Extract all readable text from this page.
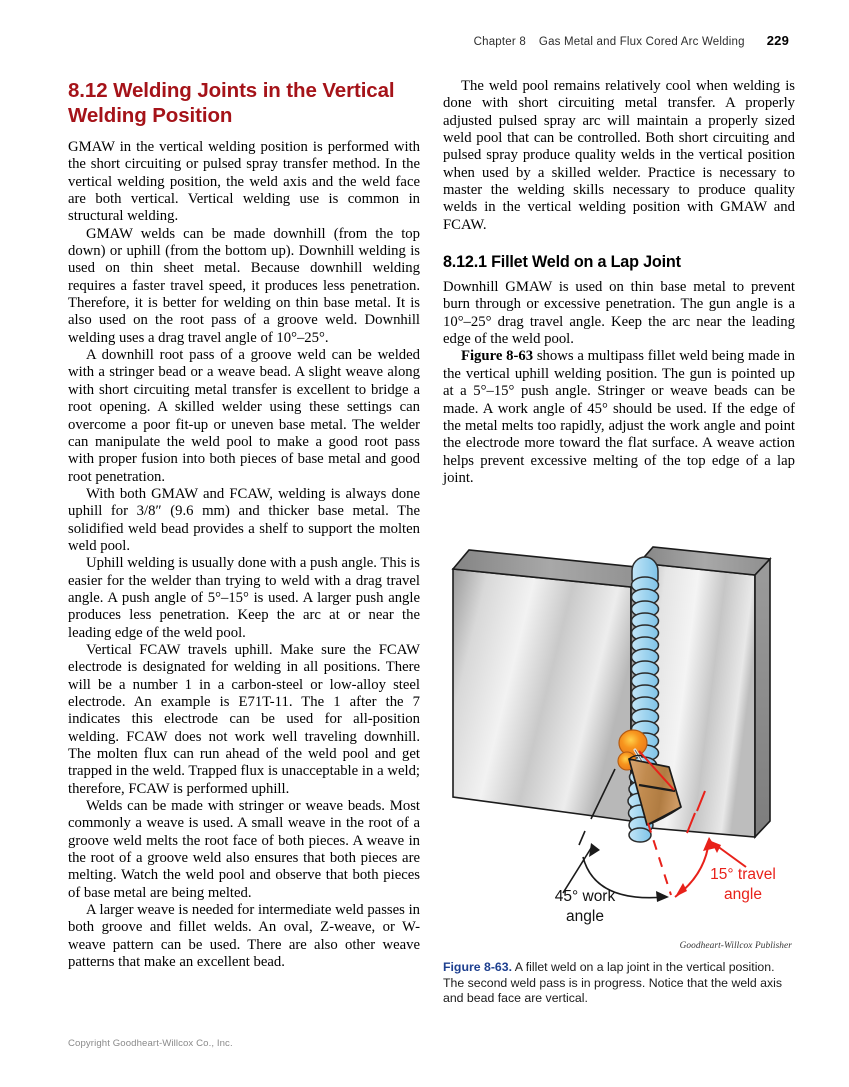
Chapter 8 Gas Metal and Flux Cored Arc Welding 229
8.12 Welding Joints in the Vertical Welding Position

GMAW in the vertical welding position is performed with the short circuiting or pulsed spray transfer method. In the vertical welding position, the weld axis and the weld face are both vertical. Vertical welding use is common in structural welding.

GMAW welds can be made downhill (from the top down) or uphill (from the bottom up). Downhill welding is used on thin sheet metal. Because downhill welding requires a faster travel speed, it produces less penetration. Therefore, it is better for welding on thin base metal. It is also used on the root pass of a groove weld. Downhill welding uses a drag travel angle of 10°–25°.

A downhill root pass of a groove weld can be welded with a stringer bead or a weave bead. A slight weave along with short circuiting metal transfer is excellent to bridge a root opening. A skilled welder using these settings can overcome a poor fit-up or uneven base metal. The welder can manipulate the weld pool to make a good root pass with proper fusion into both pieces of base metal and good root penetration.

With both GMAW and FCAW, welding is always done uphill for 3/8″ (9.6 mm) and thicker base metal. The solidified weld bead provides a shelf to support the molten weld pool.

Uphill welding is usually done with a push angle. This is easier for the welder than trying to weld with a drag travel angle. A push angle of 5°–15° is used. A larger push angle produces less penetration. Keep the arc at or near the leading edge of the weld pool.

Vertical FCAW travels uphill. Make sure the FCAW electrode is designated for welding in all positions. There will be a number 1 in a carbon-steel or low-alloy steel electrode. An example is E71T-11. The 1 after the 7 indicates this electrode can be used for all-position welding. FCAW does not work well traveling downhill. The molten flux can run ahead of the weld pool and get trapped in the weld. Trapped flux is unacceptable in a weld; therefore, FCAW is performed uphill.

Welds can be made with stringer or weave beads. Most commonly a weave is used. A small weave in the root of a groove weld melts the root face of both pieces. A weave in the root of a groove weld also ensures that both pieces are melting. Watch the weld pool and observe that both pieces of base metal are being melted.

A larger weave is needed for intermediate weld passes in both groove and fillet welds. An oval, Z-weave, or W-weave pattern can be used. There are also other weave patterns that make an excellent bead.

The weld pool remains relatively cool when welding is done with short circuiting metal transfer. A properly adjusted pulsed spray arc will maintain a properly sized weld pool that can be controlled. Both short circuiting and pulsed spray produce quality welds in the vertical position when used by a skilled welder. Practice is necessary to master the welding skills necessary to produce quality welds in the vertical welding position with GMAW and FCAW.

8.12.1 Fillet Weld on a Lap Joint

Downhill GMAW is used on thin base metal to prevent burn through or excessive penetration. The gun angle is a 10°–25° drag travel angle. Keep the arc near the leading edge of the weld pool.

Figure 8-63 shows a multipass fillet weld being made in the vertical uphill welding position. The gun is pointed up at a 5°–15° push angle. Stringer or weave beads can be made. A work angle of 45° should be used. If the edge of the metal melts too rapidly, adjust the work angle and point the electrode more toward the flat surface. A weave action helps prevent excessive melting of the top edge of a lap joint.

45° work
angle
15° travel
angle
Goodheart-Willcox Publisher
Figure 8-63. A fillet weld on a lap joint in the vertical position. The second weld pass is in progress. Notice that the weld axis and bead face are vertical.
Copyright Goodheart-Willcox Co., Inc.
